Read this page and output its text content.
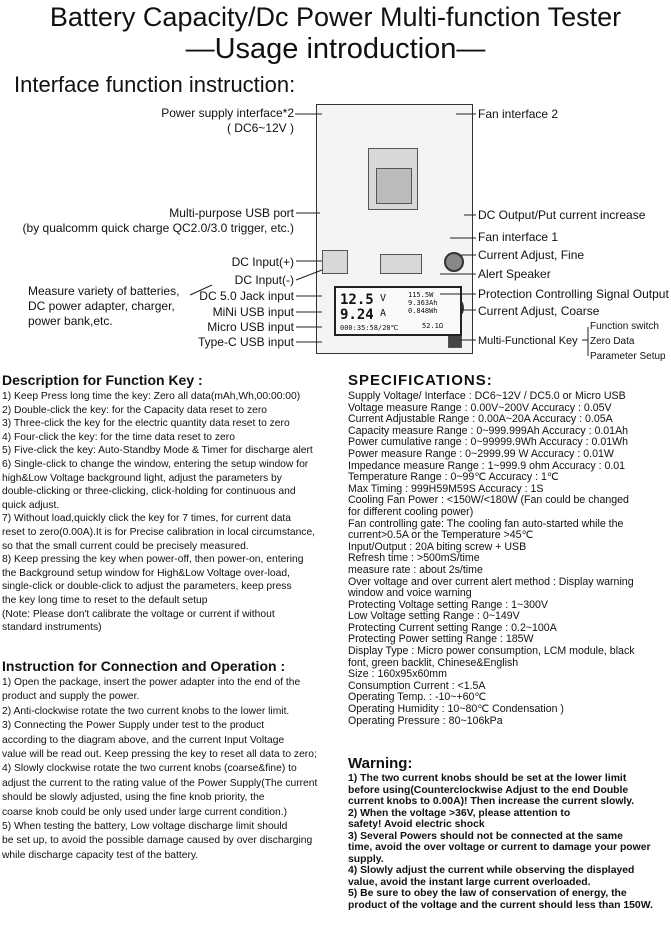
Battery Capacity/Dc Power Multi-function Tester
—Usage introduction—
Interface function instruction:
12.5 V
9.24 A
115.5W
9.363Ah
0.848Wh
52.1Ω
000:35:58/20℃
Power supply interface*2
( DC6~12V )
Multi-purpose USB port
(by qualcomm quick charge QC2.0/3.0 trigger, etc.)
DC Input(+)
DC Input(-)
Measure variety of batteries,
DC power adapter, charger,
power bank,etc.
DC 5.0 Jack input
MiNi USB input
Micro USB input
Type-C USB input
Fan interface 2
DC Output/Put current increase
Fan interface 1
Current Adjust, Fine
Alert Speaker
Protection Controlling Signal Output
Current Adjust, Coarse
Multi-Functional Key
Function switch
Zero Data
Parameter Setup
Description for Function Key :
1) Keep Press long time the key: Zero all data(mAh,Wh,00:00:00)
2) Double-click the key: for the Capacity data reset to zero
3) Three-click the key for the electric quantity data reset to zero
4) Four-click the key: for the time data reset to zero
5) Five-click the key: Auto-Standby Mode & Timer for discharge alert
6) Single-click to change the window, entering the setup window for
high&Low Voltage background light, adjust the parameters by
double-clicking or three-clicking, click-holding for continuous and
quick adjust.
7) Without load,quickly click the key for 7 times, for current data
reset to zero(0.00A).It is for Precise calibration in local circumstance,
so that the small current could be precisely measured.
8) Keep pressing the key when power-off, then power-on, entering
the Background setup window for High&Low Voltage over-load,
single-click or double-click to adjust the parameters, keep press
the key long time to reset to the default setup
(Note: Please don't calibrate the voltage or current if without
standard instruments)
Instruction for Connection and Operation :
1) Open the package, insert the power adapter into the end of the
product and supply the power.
2) Anti-clockwise rotate the two current knobs to the lower limit.
3) Connecting the Power Supply under test to the product
according to the diagram above, and the current Input Voltage
value will be read out. Keep pressing the key to reset all data to zero;
4) Slowly clockwise rotate the two current knobs (coarse&fine) to
adjust the current to the rating value of the Power Supply(The current
should be slowly adjusted, using the fine knob priority, the
coarse knob could be only used under large current condition.)
5) When testing the battery, Low voltage discharge limit should
be set up, to avoid the possible damage caused by over discharging
while discharge capacity test of the battery.
SPECIFICATIONS:
Supply Voltage/ Interface : DC6~12V / DC5.0 or Micro USB
Voltage measure Range : 0.00V~200V Accuracy : 0.05V
Current Adjustable Range : 0.00A~20A Accuracy : 0.05A
Capacity measure Range : 0~999.999Ah Accuracy : 0.01Ah
Power cumulative range : 0~99999.9Wh Accuracy : 0.01Wh
Power measure Range : 0~2999.99 W Accuracy : 0.01W
Impedance measure Range : 1~999.9 ohm Accuracy : 0.01
Temperature Range : 0~99℃ Accuracy : 1℃
Max Timing : 999H59M59S Accuracy : 1S
Cooling Fan Power : <150W/<180W (Fan could be changed
for different cooling power)
Fan controlling gate: The cooling fan auto-started while the
current>0.5A or the Temperature >45℃
Input/Output : 20A biting screw + USB
Refresh time : >500mS/time
measure rate : about 2s/time
Over voltage and over current alert method : Display warning
window and voice warning
Protecting Voltage setting Range : 1~300V
Low Voltage setting Range : 0~149V
Protecting Current setting Range : 0.2~100A
Protecting Power setting Range : 185W
Display Type : Micro power consumption, LCM module, black
font, green backlit, Chinese&English
Size : 160x95x60mm
Consumption Current : <1.5A
Operating Temp. : -10~+60℃
Operating Humidity : 10~80℃ Condensation )
Operating Pressure : 80~106kPa
Warning:
1) The two current knobs should be set at the lower limit
before using(Counterclockwise Adjust to the end Double
current knobs to 0.00A)! Then increase the current slowly.
2) When the voltage >36V, please attention to
safety! Avoid electric shock
3) Several Powers should not be connected at the same
time, avoid the over voltage or current to damage your power
supply.
4) Slowly adjust the current while observing the displayed
value, avoid the instant large current overloaded.
5) Be sure to obey the law of conservation of energy, the
product of the voltage and the current should less than 150W.
